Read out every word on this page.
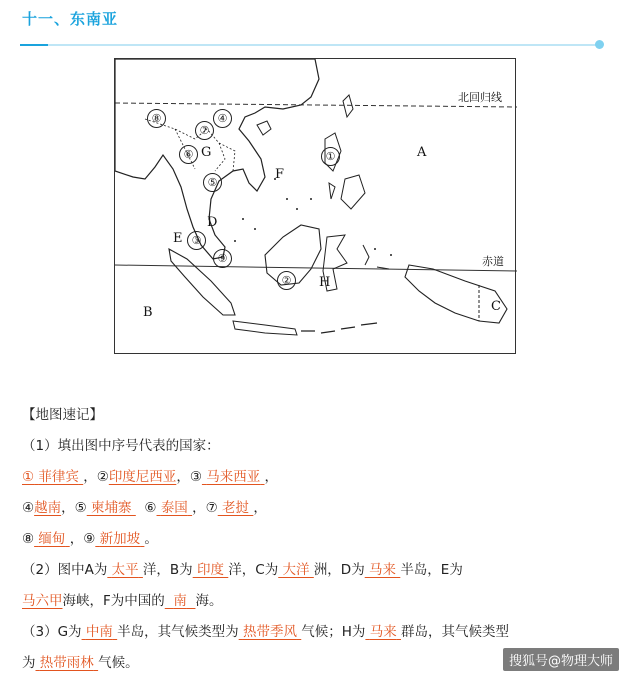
十一、东南亚
北回归线
赤道
A
B	C
D
E
F
G
H
①
②
③
④
⑤
⑥
⑦
⑧
⑨
【地图速记】
（1）填出图中序号代表的国家：
① 菲律宾 ，②印度尼西亚，③ 马来西亚 ，
④越南，⑤ 柬埔寨 ⑥ 泰国 ，⑦ 老挝 ，
⑧ 缅甸 ，⑨ 新加坡 。
（2）图中A为 太平 洋，B为 印度 洋，C为 大洋 洲，D为 马来 半岛，E为
马六甲海峡，F为中国的 南 海。
（3）G为 中南 半岛，其气候类型为 热带季风 气候；H为 马来 群岛，其气候类型
为 热带雨林 气候。	搜狐号@物理大师
